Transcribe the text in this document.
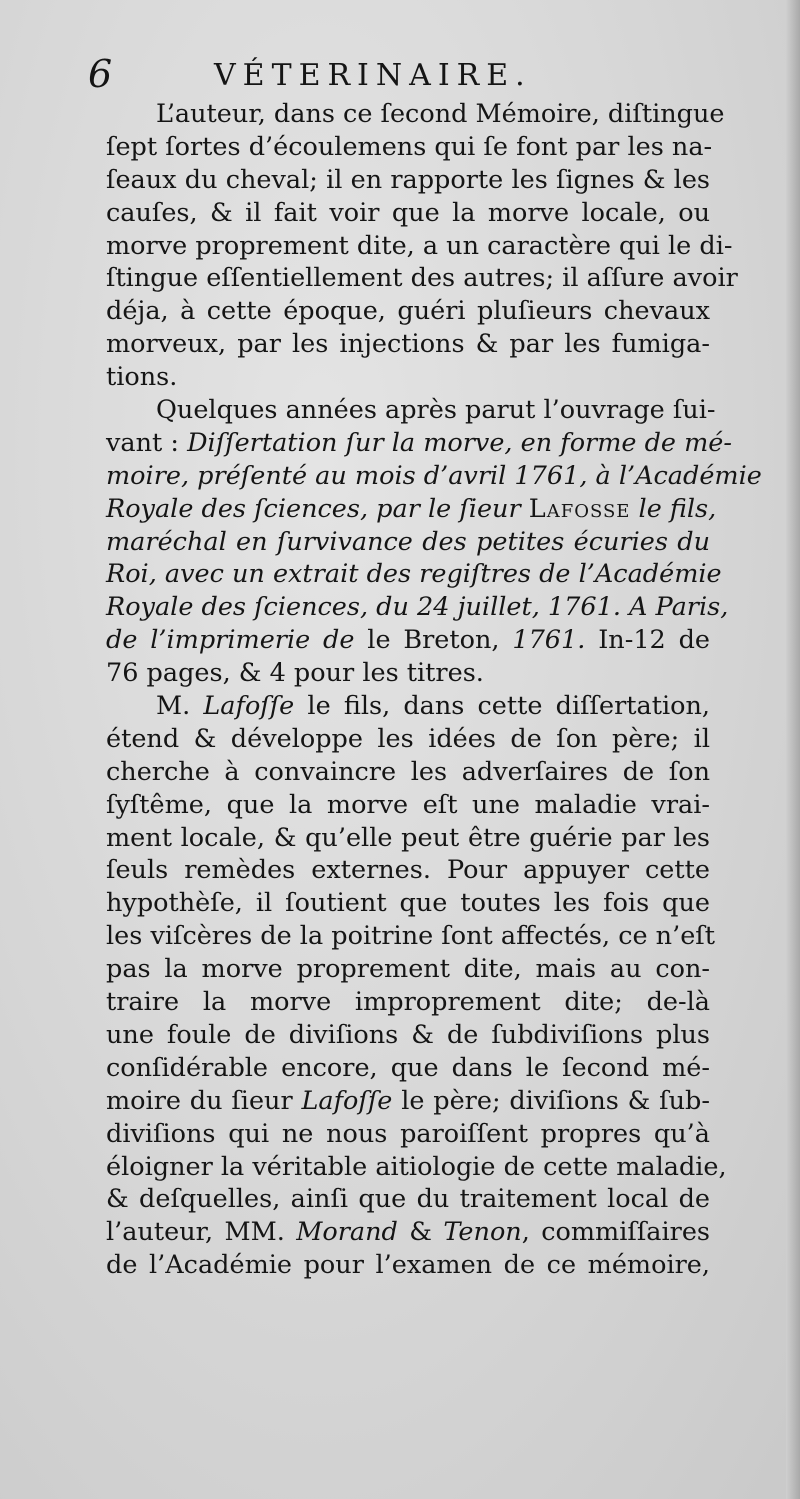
6	VÉTERINAIRE.
L’auteur, dans ce ſecond Mémoire, diſtingue
ſept ſortes d’écoulemens qui ſe font par les na-
ſeaux du cheval; il en rapporte les ſignes & les
cauſes, & il fait voir que la morve locale, ou
morve proprement dite, a un caractère qui le di-
ſtingue eſſentiellement des autres; il aſſure avoir
déja, à cette époque, guéri pluſieurs chevaux
morveux, par les injections & par les fumiga-
tions.
Quelques années après parut l’ouvrage ſui-
vant : Diſſertation ſur la morve, en forme de mé-
moire, préſenté au mois d’avril 1761, à l’Académie
Royale des ſciences, par le ſieur Lafosse le fils,
maréchal en ſurvivance des petites écuries du
Roi, avec un extrait des regiſtres de l’Académie
Royale des ſciences, du 24 juillet, 1761. A Paris,
de l’imprimerie de le Breton, 1761. In-12 de
76 pages, & 4 pour les titres.
M. Lafoſſe le fils, dans cette diſſertation,
étend & développe les idées de ſon père; il
cherche à convaincre les adverſaires de ſon
ſyſtême, que la morve eſt une maladie vrai-
ment locale, & qu’elle peut être guérie par les
ſeuls remèdes externes. Pour appuyer cette
hypothèſe, il ſoutient que toutes les fois que
les viſcères de la poitrine ſont affectés, ce n’eſt
pas la morve proprement dite, mais au con-
traire la morve improprement dite; de-là
une foule de diviſions & de ſubdiviſions plus
conſidérable encore, que dans le ſecond mé-
moire du ſieur Lafoſſe le père; diviſions & ſub-
diviſions qui ne nous paroiſſent propres qu’à
éloigner la véritable aitiologie de cette maladie,
& deſquelles, ainſi que du traitement local de
l’auteur, MM. Morand & Tenon, commiſſaires
de l’Académie pour l’examen de ce mémoire,
